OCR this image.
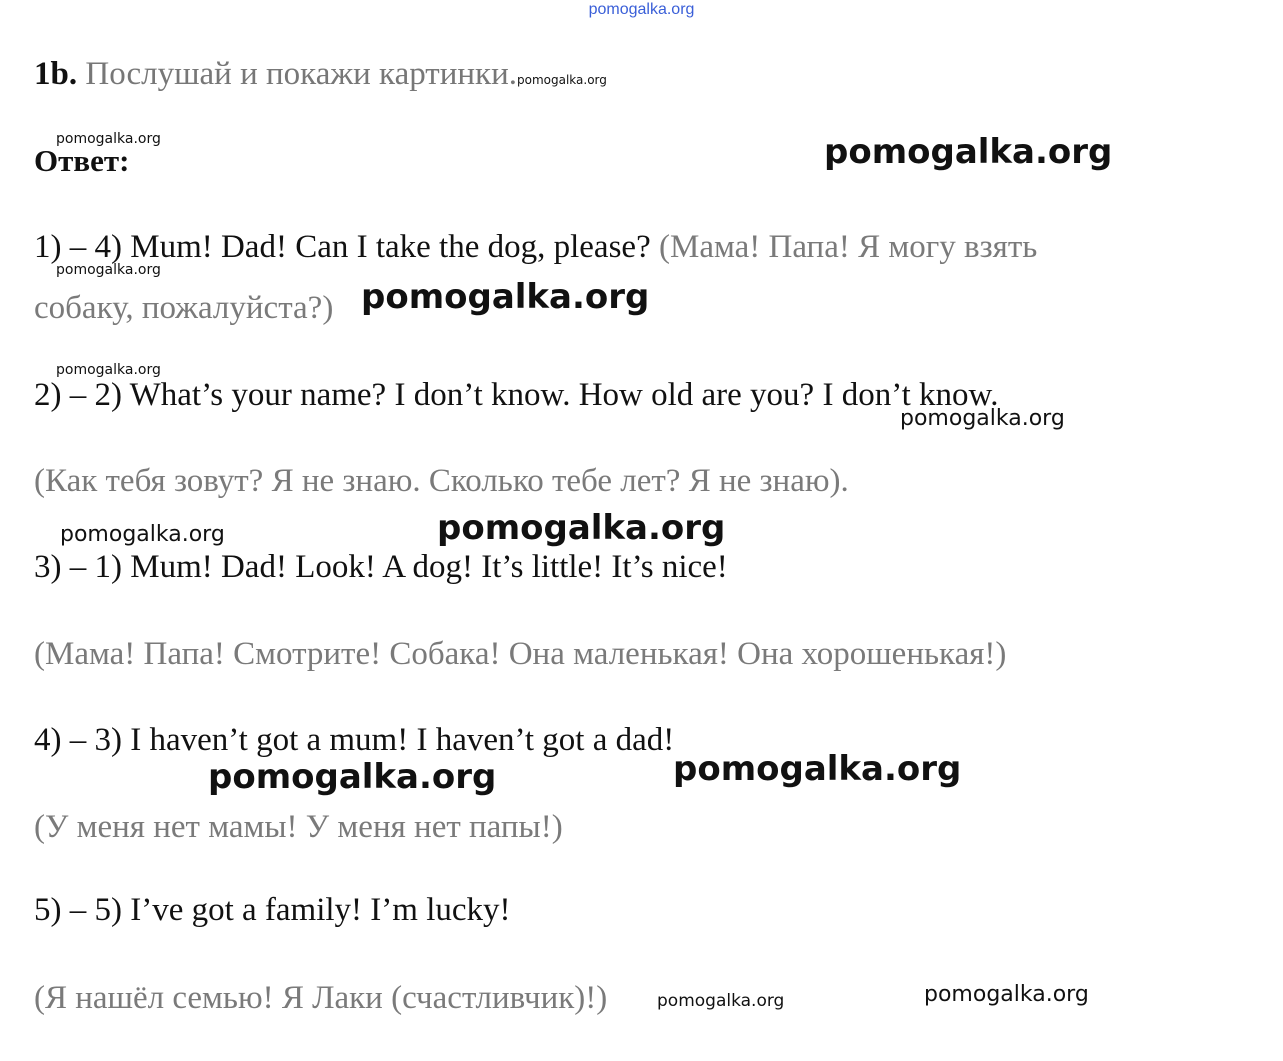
pomogalka.org
1b. Послушай и покажи картинки.pomogalka.org
pomogalka.org
Ответ:	pomogalka.org
1) – 4) Mum! Dad! Can I take the dog, please? (Мама! Папа! Я могу взять
pomogalka.org
собаку, пожалуйста?) pomogalka.org
pomogalka.org
2) – 2) What’s your name? I don’t know. How old are you? I don’t know.
pomogalka.org
(Как тебя зовут? Я не знаю. Сколько тебе лет? Я не знаю).
pomogalka.org	pomogalka.org
3) – 1) Mum! Dad! Look! A dog! It’s little! It’s nice!
(Мама! Папа! Смотрите! Собака! Она маленькая! Она хорошенькая!)
4) – 3) I haven’t got a mum! I haven’t got a dad!
pomogalka.org	pomogalka.org
(У меня нет мамы! У меня нет папы!)
5) – 5) I’ve got a family! I’m lucky!
(Я нашёл семью! Я Лаки (счастливчик)!)	pomogalka.org	pomogalka.org
